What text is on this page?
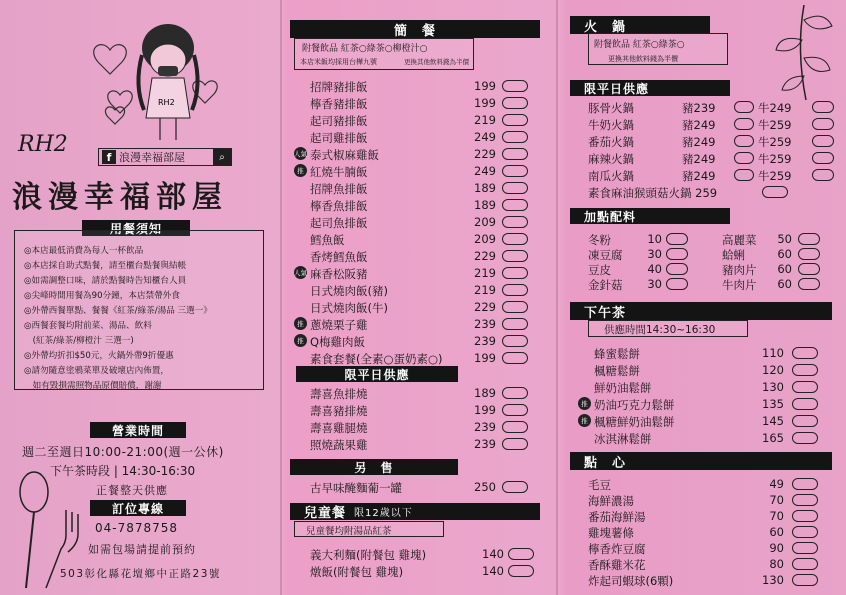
RH2
RH2	f 浪漫幸福部屋	⌕
浪漫幸福部屋
用餐須知
◎本店最低消費為每人一杯飲品
◎本店採自助式點餐，請至櫃台點餐與結帳
◎如需調整口味，請於點餐時告知櫃台人員
◎尖峰時間用餐為90分鐘，本店禁帶外食
◎外帶西餐單點、餐餐《紅茶/綠茶/湯品 三選一》
◎西餐套餐均附前菜、湯品、飲料
　(紅茶/綠茶/柳橙汁 三選一)
◎外帶均折扣$50元，火鍋外帶9折優惠
◎請勿隨意塗鴉菜單及破壞店內佈置，
　如有毀損需照物品原價賠償，謝謝
營業時間
週二至週日10:00-21:00(週一公休)
下午茶時段 | 14:30-16:30
正餐整天供應
訂位專線
04-7878758
如需包場請提前預約
503彰化縣花壇鄉中正路23號
簡　餐
附餐飲品 紅茶○綠茶○柳橙汁○
本店米飯均採用台樺九號	更換其他飲料錢為半價
招牌豬排飯	199
檸香豬排飯	199
起司豬排飯	219
起司雞排飯	249
人氣 泰式椒麻雞飯	229
推 紅燒牛腩飯	249
招牌魚排飯	189
檸香魚排飯	189
起司魚排飯	209
鱈魚飯	209
香烤鱈魚飯	229
人氣 麻香松阪豬	219
日式燒肉飯(豬)	219
日式燒肉飯(牛)	229
推 蔥燒栗子雞	239
推 Q梅雞肉飯	239
素食套餐(全素○蛋奶素○)	199
限平日供應
壽喜魚排燒	189
壽喜豬排燒	199
壽喜雞腿燒	239
照燒蔬果雞	239
另　售
古早味醃麵葡一罐	250
兒童餐 限12歲以下
兒童餐均附湯品紅茶
義大利麵(附餐包 雞塊)	140
燉飯(附餐包 雞塊)	140
火　鍋
附餐飲品 紅茶○綠茶○
更換其他飲料錢為半價
限平日供應
豚骨火鍋	豬239	牛249
牛奶火鍋	豬249	牛259
番茄火鍋	豬249	牛259
麻辣火鍋	豬249	牛259
南瓜火鍋	豬249	牛259
素食麻油猴頭菇火鍋 259
加點配料
冬粉	10	高麗菜	50
凍豆腐	30	蛤蜊	60
豆皮	40	豬肉片	60
金針菇	30	牛肉片	60
下午茶
供應時間14:30~16:30
蜂蜜鬆餅	110
楓糖鬆餅	120
鮮奶油鬆餅	130
推 奶油巧克力鬆餅	135
推 楓糖鮮奶油鬆餅	145
冰淇淋鬆餅	165
點　心
毛豆	49
海鮮濃湯	70
番茄海鮮湯	70
雞塊薯條	60
檸香炸豆腐	90
香酥雞米花	80
炸起司蝦球(6顆)	130
